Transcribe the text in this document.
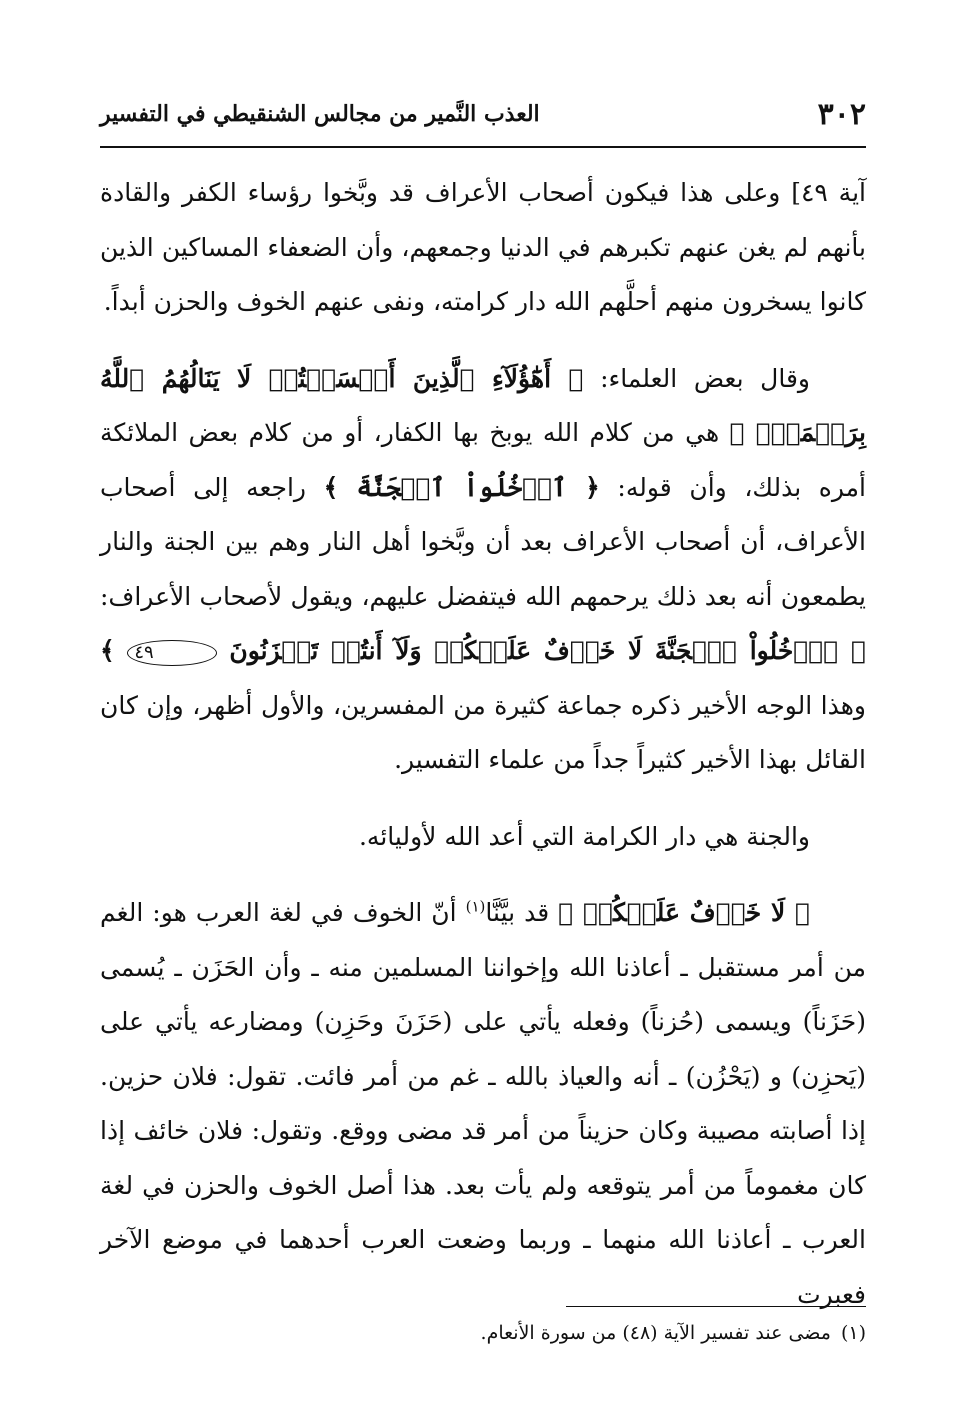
٣٠٢
العذب النَّمير من مجالس الشنقيطي في التفسير

آية ٤٩] وعلى هذا فيكون أصحاب الأعراف قد وبَّخوا رؤساء الكفر والقادة بأنهم لم يغن عنهم تكبرهم في الدنيا وجمعهم، وأن الضعفاء المساكين الذين كانوا يسخرون منهم أحلَّهم الله دار كرامته، ونفى عنهم الخوف والحزن أبداً.

وقال بعض العلماء: ﴿ أَهَٰٓؤُلَآءِ ٱلَّذِينَ أَقۡسَمۡتُمۡ لَا يَنَالُهُمُ ٱللَّهُ بِرَحۡمَةٍۚ ﴾ هي من كلام الله يوبخ بها الكفار، أو من كلام بعض الملائكة أمره بذلك، وأن قوله: ﴿ ٱدۡخُلُواْ ٱلۡجَنَّةَ ﴾ راجعه إلى أصحاب الأعراف، أن أصحاب الأعراف بعد أن وبَّخوا أهل النار وهم بين الجنة والنار يطمعون أنه بعد ذلك يرحمهم الله فيتفضل عليهم، ويقول لأصحاب الأعراف: ﴿ ٱدۡخُلُواْ ٱلۡجَنَّةَ لَا خَوۡفٌ عَلَيۡكُمۡ وَلَآ أَنتُمۡ تَحۡزَنُونَ ٤٩ ﴾ وهذا الوجه الأخير ذكره جماعة كثيرة من المفسرين، والأول أظهر، وإن كان القائل بهذا الأخير كثيراً جداً من علماء التفسير.

والجنة هي دار الكرامة التي أعد الله لأوليائه.

﴿ لَا خَوۡفٌ عَلَيۡكُمۡ ﴾ قد بيَّنَّا$^{(١)}$ أنّ الخوف في لغة العرب هو: الغم من أمر مستقبل ـ أعاذنا الله وإخواننا المسلمين منه ـ وأن الحَزَن ـ يُسمى (حَزَناً) ويسمى (حُزناً) وفعله يأتي على (حَزَنَ وحَزِن) ومضارعه يأتي على (يَحزِن) و (يَحْزُن) ـ أنه والعياذ بالله ـ غم من أمر فائت. تقول: فلان حزين. إذا أصابته مصيبة وكان حزيناً من أمر قد مضى ووقع. وتقول: فلان خائف إذا كان مغموماً من أمر يتوقعه ولم يأت بعد. هذا أصل الخوف والحزن في لغة العرب ـ أعاذنا الله منهما ـ وربما وضعت العرب أحدهما في موضع الآخر فعبرت

(١)مضى عند تفسير الآية (٤٨) من سورة الأنعام.
